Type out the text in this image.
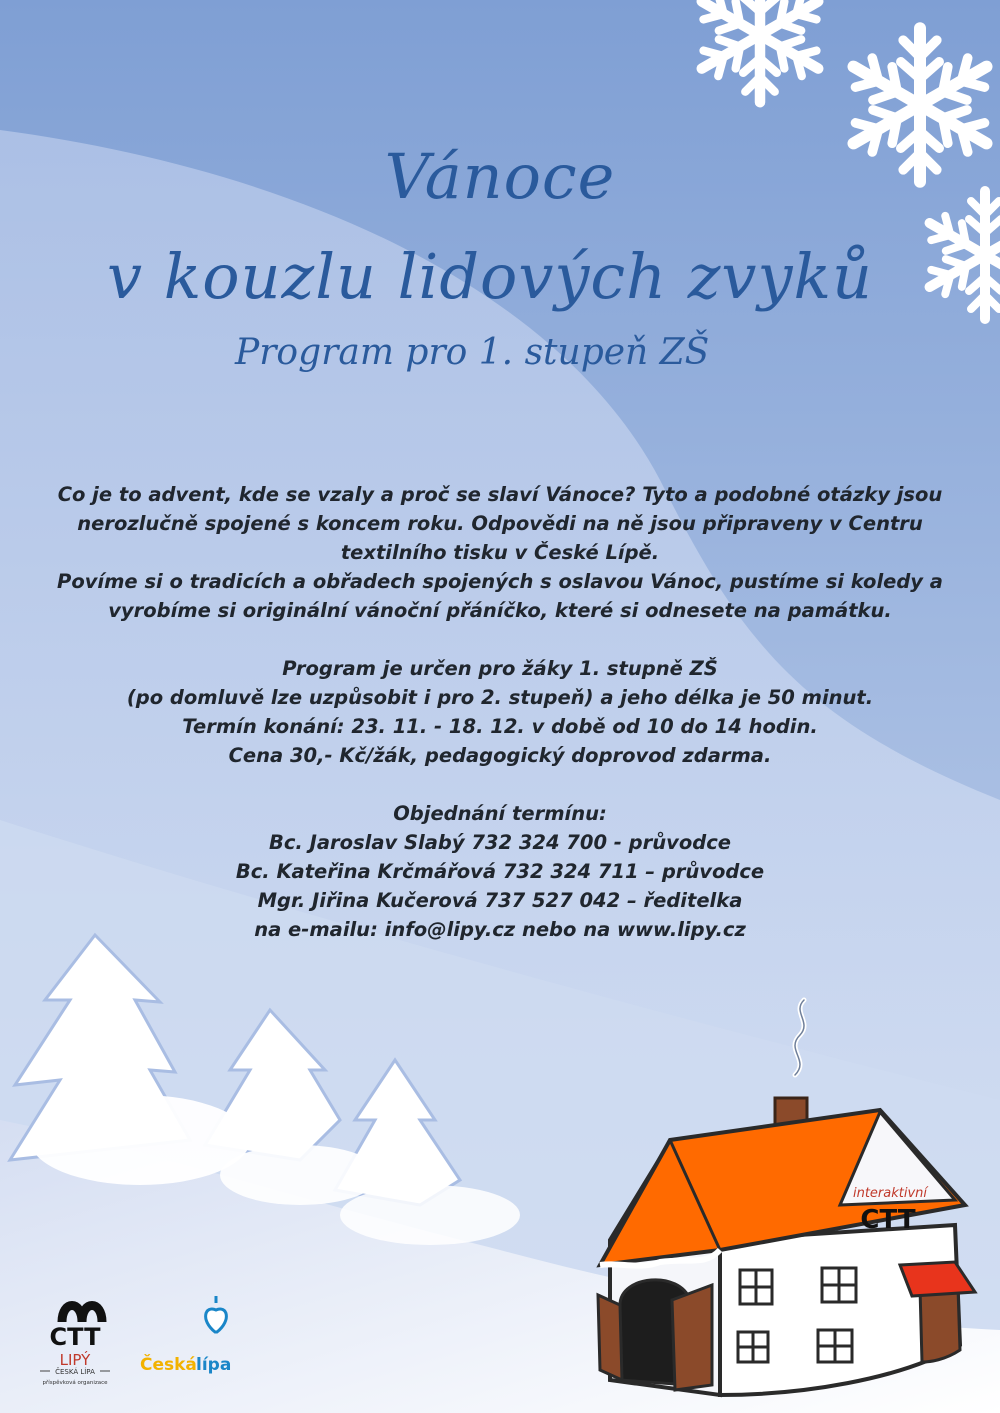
interaktivní
CTT
CTT
LIPÝ
ČESKÁ LÍPA
příspěvková organizace
Česká lípa
Vánoce
v kouzlu lidových zvyků
Program pro 1. stupeň ZŠ

Co je to advent, kde se vzaly a proč se slaví Vánoce? Tyto a podobné otázky jsou

nerozlučně spojené s koncem roku. Odpovědi na ně jsou připraveny v Centru

textilního tisku v České Lípě.

Povíme si o tradicích a obřadech spojených s oslavou Vánoc, pustíme si koledy a

vyrobíme si originální vánoční přáníčko, které si odnesete na památku.

Program je určen pro žáky 1. stupně ZŠ

(po domluvě lze uzpůsobit i pro 2. stupeň) a jeho délka je 50 minut.

Termín konání: 23. 11. - 18. 12. v době od 10 do 14 hodin.

Cena 30,- Kč/žák, pedagogický doprovod zdarma.

Objednání termínu:

Bc. Jaroslav Slabý 732 324 700 - průvodce

Bc. Kateřina Krčmářová 732 324 711 – průvodce

Mgr. Jiřina Kučerová 737 527 042 – ředitelka

na e-mailu: info@lipy.cz nebo na www.lipy.cz
